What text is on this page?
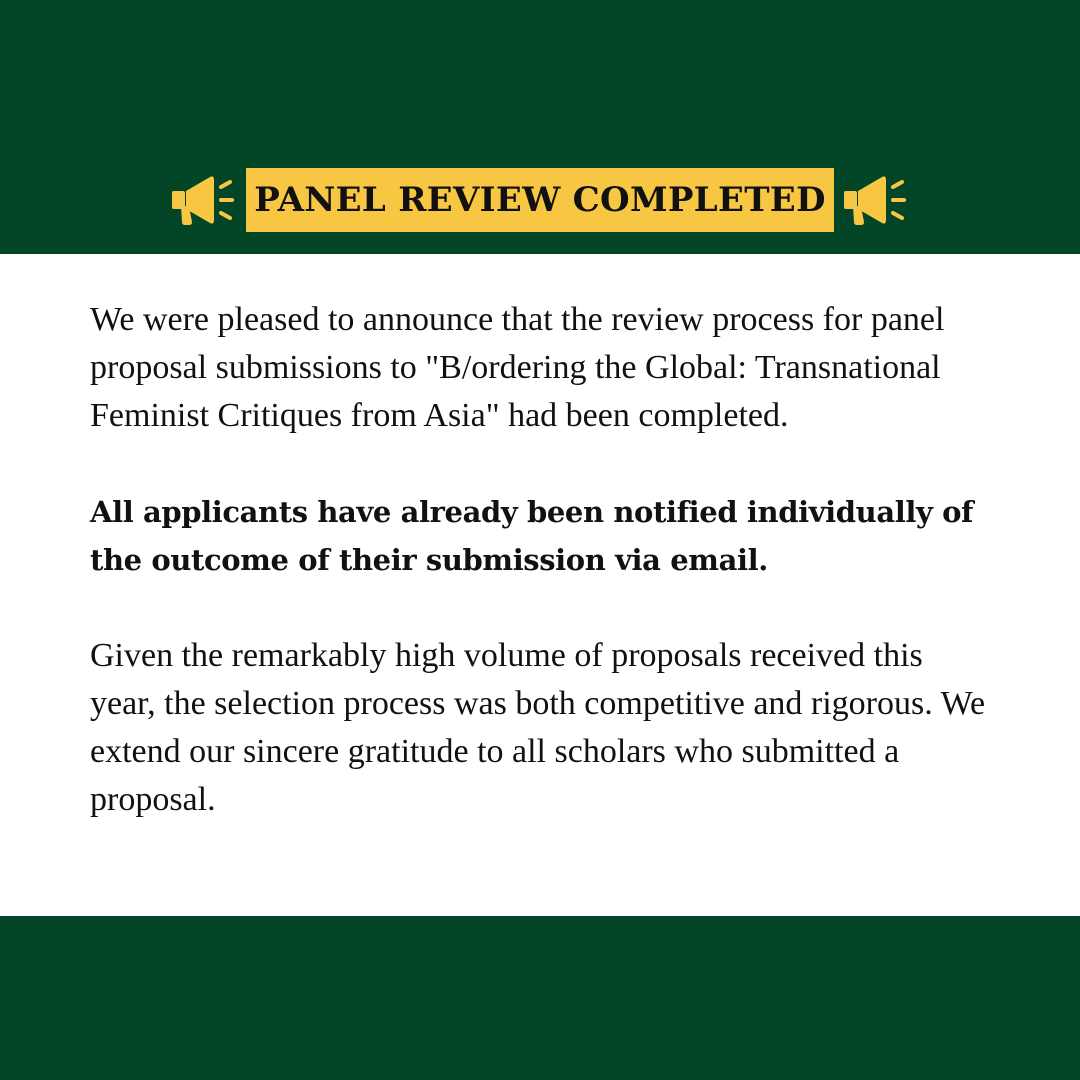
PANEL REVIEW COMPLETED

We were pleased to announce that the review process for panel proposal submissions to "B/ordering the Global: Transnational Feminist Critiques from Asia" had been completed.

All applicants have already been notified individually of the outcome of their submission via email.

Given the remarkably high volume of proposals received this year, the selection process was both competitive and rigorous. We extend our sincere gratitude to all scholars who submitted a proposal.
